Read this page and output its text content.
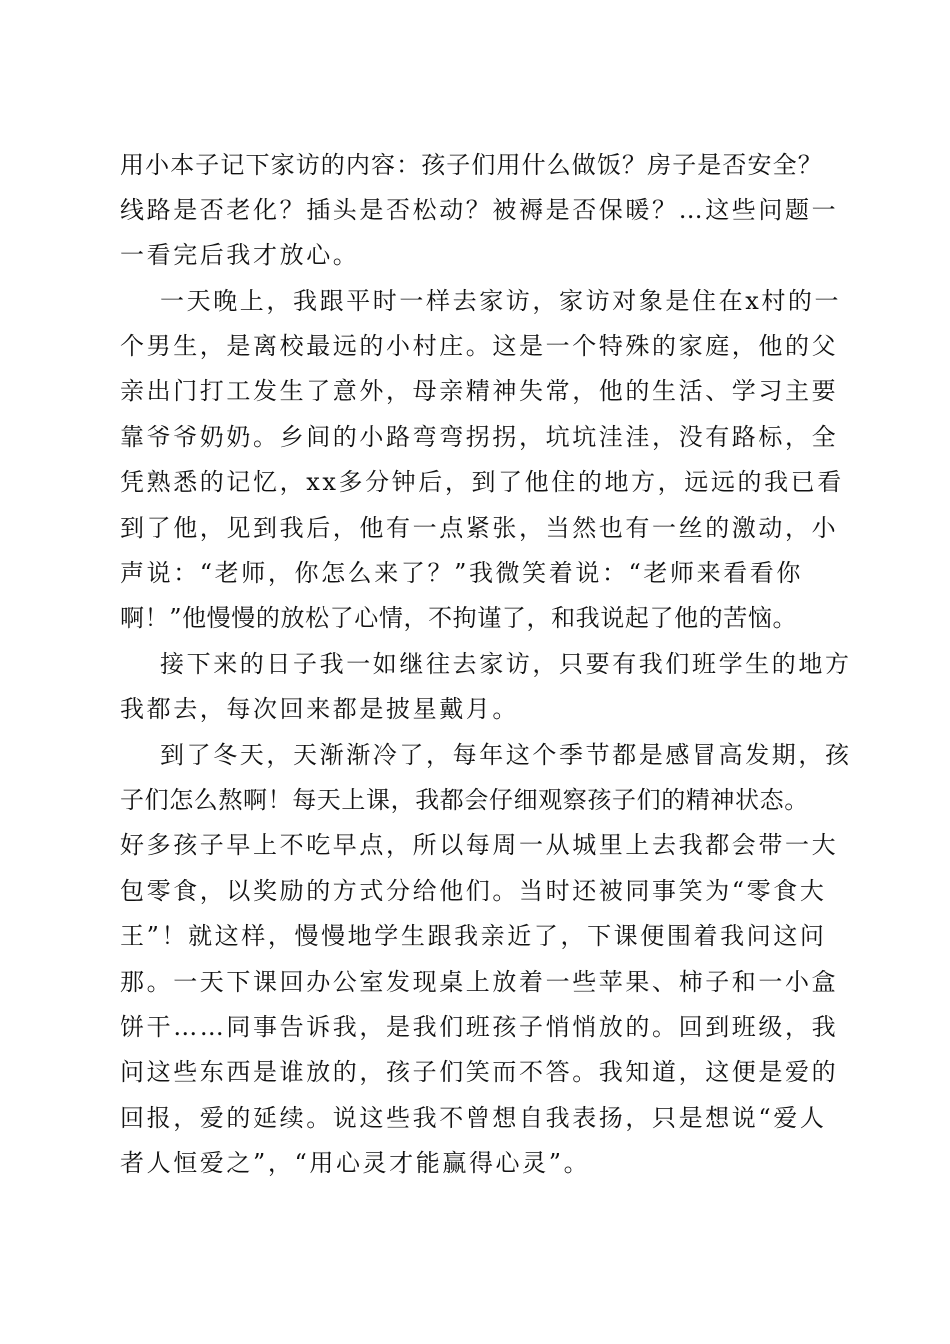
用小本子记下家访的内容：孩子们用什么做饭？房子是否安全？
线路是否老化？插头是否松动？被褥是否保暖？…这些问题一
一看完后我才放心。
一天晚上，我跟平时一样去家访，家访对象是住在x村的一
个男生，是离校最远的小村庄。这是一个特殊的家庭，他的父
亲出门打工发生了意外，母亲精神失常，他的生活、学习主要
靠爷爷奶奶。乡间的小路弯弯拐拐，坑坑洼洼，没有路标，全
凭熟悉的记忆，xx多分钟后，到了他住的地方，远远的我已看
到了他，见到我后，他有一点紧张，当然也有一丝的激动，小
声说：“老师，你怎么来了？”我微笑着说：“老师来看看你
啊！”他慢慢的放松了心情，不拘谨了，和我说起了他的苦恼。
接下来的日子我一如继往去家访，只要有我们班学生的地方
我都去，每次回来都是披星戴月。
到了冬天，天渐渐冷了，每年这个季节都是感冒高发期，孩
子们怎么熬啊！每天上课，我都会仔细观察孩子们的精神状态。
好多孩子早上不吃早点，所以每周一从城里上去我都会带一大
包零食，以奖励的方式分给他们。当时还被同事笑为“零食大
王”！就这样，慢慢地学生跟我亲近了，下课便围着我问这问
那。一天下课回办公室发现桌上放着一些苹果、柿子和一小盒
饼干……同事告诉我，是我们班孩子悄悄放的。回到班级，我
问这些东西是谁放的，孩子们笑而不答。我知道，这便是爱的
回报，爱的延续。说这些我不曾想自我表扬，只是想说“爱人
者人恒爱之”，“用心灵才能赢得心灵”。
